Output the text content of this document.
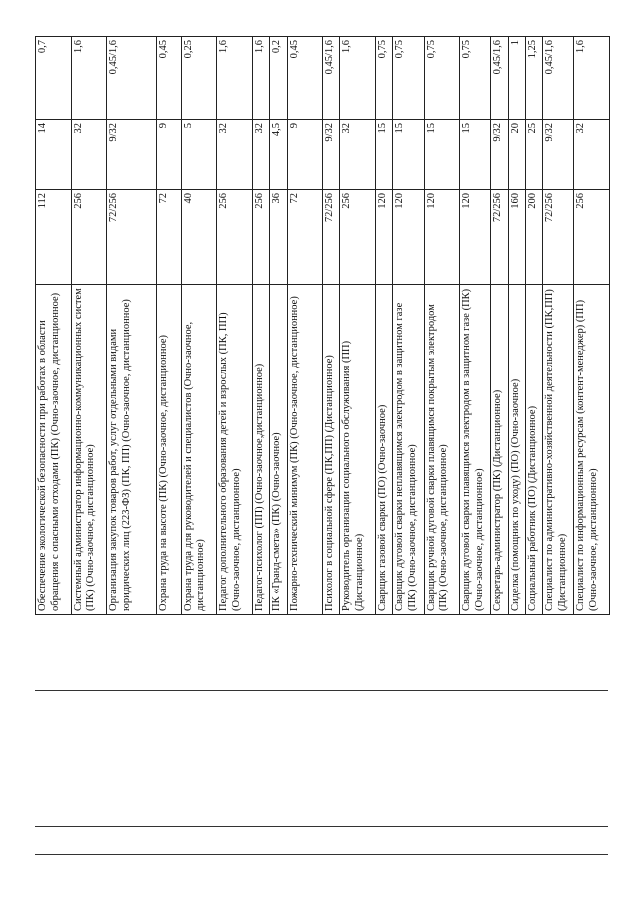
Обеспечение экологической безопасности при работах в области обращения с опасными отходами (ПК) (Очно-заочное, дистанционное)	112	14	0,7
Системный администратор информационно-коммуникационных систем (ПК) (Очно-заочное, дистанционное)	256	32	1,6
Организация закупок товаров работ, услуг отдельными видами юридических лиц (223-ФЗ) (ПК, ПП) (Очно-заочное, дистанционное)	72/256	9/32	0,45/1,6
Охрана труда на высоте (ПК) (Очно-заочное, дистанционное)	72	9	0,45
Охрана труда для руководителей и специалистов (Очно-заочное, дистанционное)	40	5	0,25
Педагог дополнительного образования детей и взрослых (ПК, ПП) (Очно-заочное, дистанционное)	256	32	1,6
Педагог-психолог (ПП) (Очно-заочное,дистанционное)	256	32	1,6
ПК «Гранд-смета» (ПК) (Очно-заочное)	36	4,5	0,2
Пожарно-технический минимум (ПК) (Очно-заочное, дистанционное)	72	9	0,45
Психолог в социальной сфере (ПК,ПП) (Дистанционное)	72/256	9/32	0,45/1,6
Руководитель организации социального обслуживания (ПП) (Дистанционное)	256	32	1,6
Сварщик газовой сварки (ПО) (Очно-заочное)	120	15	0,75
Сварщик дуговой сварки неплавящимся электродом в защитном газе (ПК) (Очно-заочное, дистанционное)	120	15	0,75
Сварщик ручной дуговой сварки плавящимся покрытым электродом (ПК) (Очно-заочное, дистанционное)	120	15	0,75
Сварщик дуговой сварки плавящимся электродом в защитном газе (ПК) (Очно-заочное, дистанционное)	120	15	0,75
Секретарь-администратор (ПК) (Дистанционное)	72/256	9/32	0,45/1,6
Сиделка (помощник по уходу) (ПО) (Очно-заочное)	160	20	1
Социальный работник (ПО) (Дистанционное)	200	25	1,25
Специалист по административно-хозяйственной деятельности (ПК,ПП) (Дистанционное)	72/256	9/32	0,45/1,6
Специалист по информационным ресурсам (контент-менеджер) (ПП) (Очно-заочное, дистанционное)	256	32	1,6
